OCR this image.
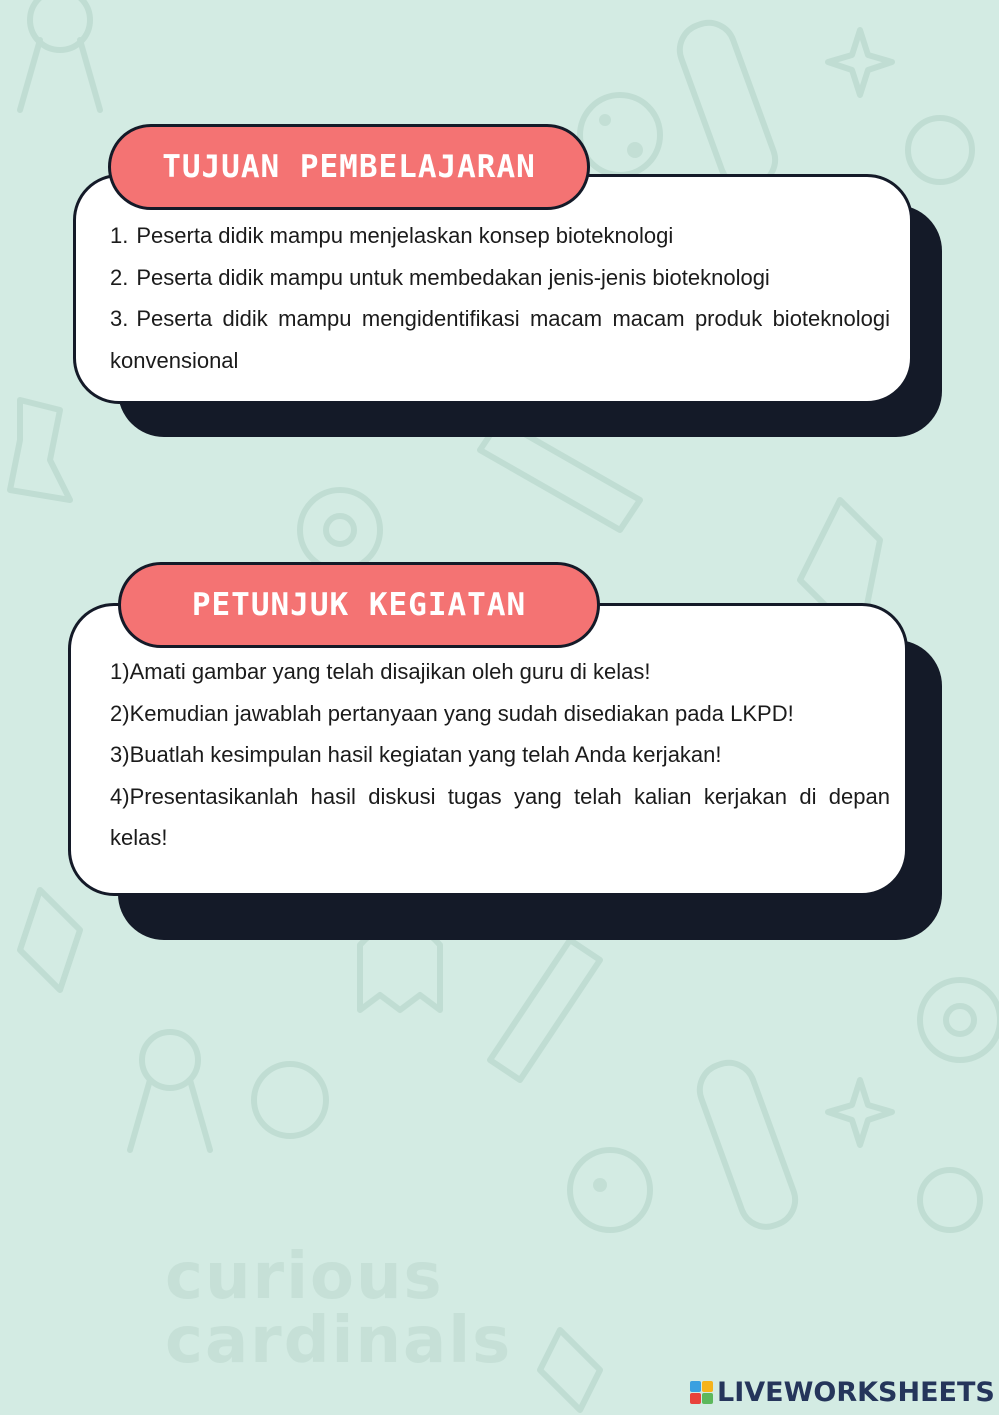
curious
cardinals
TUJUAN PEMBELAJARAN
1. Peserta didik mampu menjelaskan konsep bioteknologi
2. Peserta didik mampu untuk membedakan jenis-jenis bioteknologi
3. Peserta didik mampu mengidentifikasi macam macam produk bioteknologi konvensional
PETUNJUK KEGIATAN
1)Amati gambar yang telah disajikan oleh guru di kelas!
2)Kemudian jawablah pertanyaan yang sudah disediakan pada LKPD!
3)Buatlah kesimpulan hasil kegiatan yang telah Anda kerjakan!
4)Presentasikanlah hasil diskusi tugas yang telah kalian kerjakan di depan kelas!
LIVEWORKSHEETS
